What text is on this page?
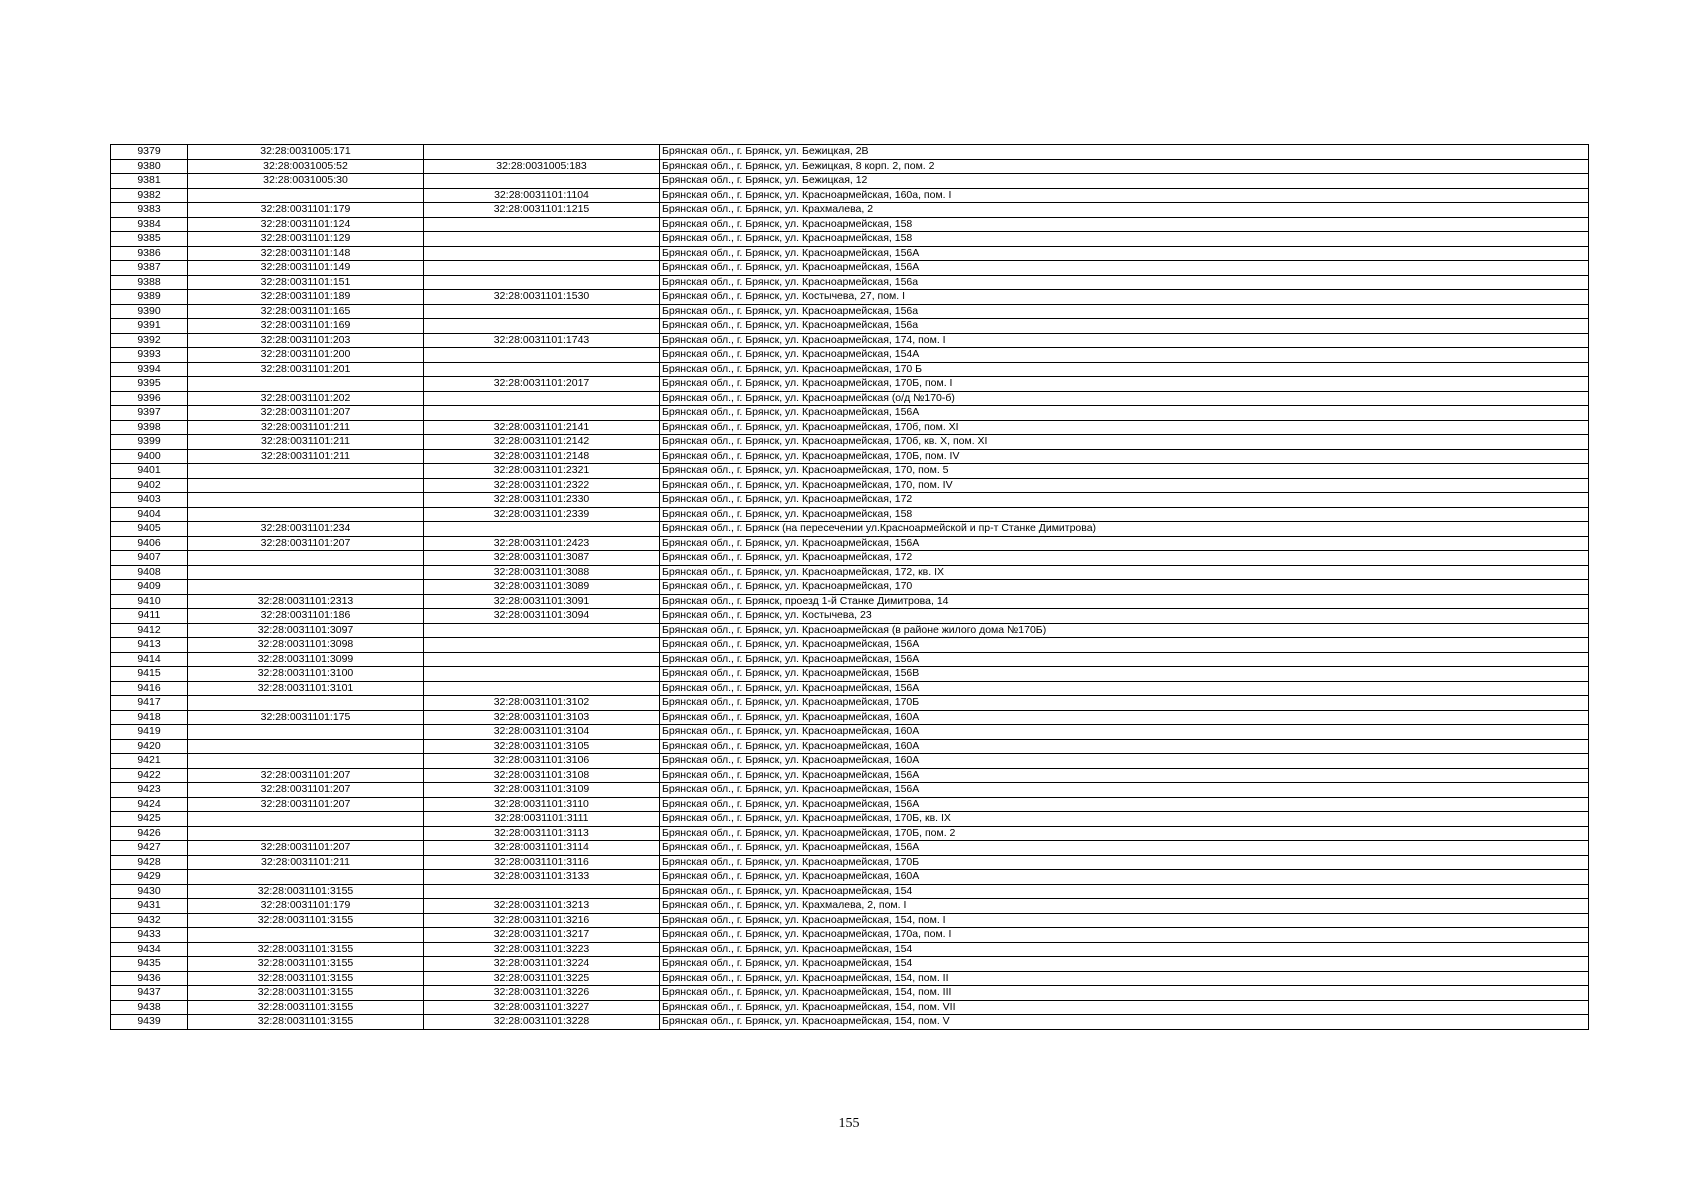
9379	32:28:0031005:171		Брянская обл., г. Брянск, ул. Бежицкая, 2В
9380	32:28:0031005:52	32:28:0031005:183	Брянская обл., г. Брянск, ул. Бежицкая, 8 корп. 2, пом. 2
9381	32:28:0031005:30		Брянская обл., г. Брянск, ул. Бежицкая, 12
9382		32:28:0031101:1104	Брянская обл., г. Брянск, ул. Красноармейская, 160а, пом. I
9383	32:28:0031101:179	32:28:0031101:1215	Брянская обл., г. Брянск, ул. Крахмалева, 2
9384	32:28:0031101:124		Брянская обл., г. Брянск, ул. Красноармейская, 158
9385	32:28:0031101:129		Брянская обл., г. Брянск, ул. Красноармейская, 158
9386	32:28:0031101:148		Брянская обл., г. Брянск, ул. Красноармейская, 156А
9387	32:28:0031101:149		Брянская обл., г. Брянск, ул. Красноармейская, 156А
9388	32:28:0031101:151		Брянская обл., г. Брянск, ул. Красноармейская, 156а
9389	32:28:0031101:189	32:28:0031101:1530	Брянская обл., г. Брянск, ул. Костычева, 27, пом. I
9390	32:28:0031101:165		Брянская обл., г. Брянск, ул. Красноармейская, 156а
9391	32:28:0031101:169		Брянская обл., г. Брянск, ул. Красноармейская, 156а
9392	32:28:0031101:203	32:28:0031101:1743	Брянская обл., г. Брянск, ул. Красноармейская, 174, пом. I
9393	32:28:0031101:200		Брянская обл., г. Брянск, ул. Красноармейская, 154А
9394	32:28:0031101:201		Брянская обл., г. Брянск, ул. Красноармейская, 170 Б
9395		32:28:0031101:2017	Брянская обл., г. Брянск, ул. Красноармейская, 170Б, пом. I
9396	32:28:0031101:202		Брянская обл., г. Брянск, ул. Красноармейская (о/д №170-б)
9397	32:28:0031101:207		Брянская обл., г. Брянск, ул. Красноармейская, 156А
9398	32:28:0031101:211	32:28:0031101:2141	Брянская обл., г. Брянск, ул. Красноармейская, 170б, пом. XI
9399	32:28:0031101:211	32:28:0031101:2142	Брянская обл., г. Брянск, ул. Красноармейская, 170б, кв. X, пом. XI
9400	32:28:0031101:211	32:28:0031101:2148	Брянская обл., г. Брянск, ул. Красноармейская, 170Б, пом. IV
9401		32:28:0031101:2321	Брянская обл., г. Брянск, ул. Красноармейская, 170, пом. 5
9402		32:28:0031101:2322	Брянская обл., г. Брянск, ул. Красноармейская, 170, пом. IV
9403		32:28:0031101:2330	Брянская обл., г. Брянск, ул. Красноармейская, 172
9404		32:28:0031101:2339	Брянская обл., г. Брянск, ул. Красноармейская, 158
9405	32:28:0031101:234		Брянская обл., г. Брянск (на пересечении ул.Красноармейской и пр-т Станке Димитрова)
9406	32:28:0031101:207	32:28:0031101:2423	Брянская обл., г. Брянск, ул. Красноармейская, 156А
9407		32:28:0031101:3087	Брянская обл., г. Брянск, ул. Красноармейская, 172
9408		32:28:0031101:3088	Брянская обл., г. Брянск, ул. Красноармейская, 172, кв. IX
9409		32:28:0031101:3089	Брянская обл., г. Брянск, ул. Красноармейская, 170
9410	32:28:0031101:2313	32:28:0031101:3091	Брянская обл., г. Брянск, проезд 1-й Станке Димитрова, 14
9411	32:28:0031101:186	32:28:0031101:3094	Брянская обл., г. Брянск, ул. Костычева, 23
9412	32:28:0031101:3097		Брянская обл., г. Брянск, ул. Красноармейская (в районе жилого дома №170Б)
9413	32:28:0031101:3098		Брянская обл., г. Брянск, ул. Красноармейская, 156А
9414	32:28:0031101:3099		Брянская обл., г. Брянск, ул. Красноармейская, 156А
9415	32:28:0031101:3100		Брянская обл., г. Брянск, ул. Красноармейская, 156В
9416	32:28:0031101:3101		Брянская обл., г. Брянск, ул. Красноармейская, 156А
9417		32:28:0031101:3102	Брянская обл., г. Брянск, ул. Красноармейская, 170Б
9418	32:28:0031101:175	32:28:0031101:3103	Брянская обл., г. Брянск, ул. Красноармейская, 160А
9419		32:28:0031101:3104	Брянская обл., г. Брянск, ул. Красноармейская, 160А
9420		32:28:0031101:3105	Брянская обл., г. Брянск, ул. Красноармейская, 160А
9421		32:28:0031101:3106	Брянская обл., г. Брянск, ул. Красноармейская, 160А
9422	32:28:0031101:207	32:28:0031101:3108	Брянская обл., г. Брянск, ул. Красноармейская, 156А
9423	32:28:0031101:207	32:28:0031101:3109	Брянская обл., г. Брянск, ул. Красноармейская, 156А
9424	32:28:0031101:207	32:28:0031101:3110	Брянская обл., г. Брянск, ул. Красноармейская, 156А
9425		32:28:0031101:3111	Брянская обл., г. Брянск, ул. Красноармейская, 170Б, кв. IX
9426		32:28:0031101:3113	Брянская обл., г. Брянск, ул. Красноармейская, 170Б, пом. 2
9427	32:28:0031101:207	32:28:0031101:3114	Брянская обл., г. Брянск, ул. Красноармейская, 156А
9428	32:28:0031101:211	32:28:0031101:3116	Брянская обл., г. Брянск, ул. Красноармейская, 170Б
9429		32:28:0031101:3133	Брянская обл., г. Брянск, ул. Красноармейская, 160А
9430	32:28:0031101:3155		Брянская обл., г. Брянск, ул. Красноармейская, 154
9431	32:28:0031101:179	32:28:0031101:3213	Брянская обл., г. Брянск, ул. Крахмалева, 2, пом. I
9432	32:28:0031101:3155	32:28:0031101:3216	Брянская обл., г. Брянск, ул. Красноармейская, 154, пом. I
9433		32:28:0031101:3217	Брянская обл., г. Брянск, ул. Красноармейская, 170а, пом. I
9434	32:28:0031101:3155	32:28:0031101:3223	Брянская обл., г. Брянск, ул. Красноармейская, 154
9435	32:28:0031101:3155	32:28:0031101:3224	Брянская обл., г. Брянск, ул. Красноармейская, 154
9436	32:28:0031101:3155	32:28:0031101:3225	Брянская обл., г. Брянск, ул. Красноармейская, 154, пом. II
9437	32:28:0031101:3155	32:28:0031101:3226	Брянская обл., г. Брянск, ул. Красноармейская, 154, пом. III
9438	32:28:0031101:3155	32:28:0031101:3227	Брянская обл., г. Брянск, ул. Красноармейская, 154, пом. VII
9439	32:28:0031101:3155	32:28:0031101:3228	Брянская обл., г. Брянск, ул. Красноармейская, 154, пом. V
155
